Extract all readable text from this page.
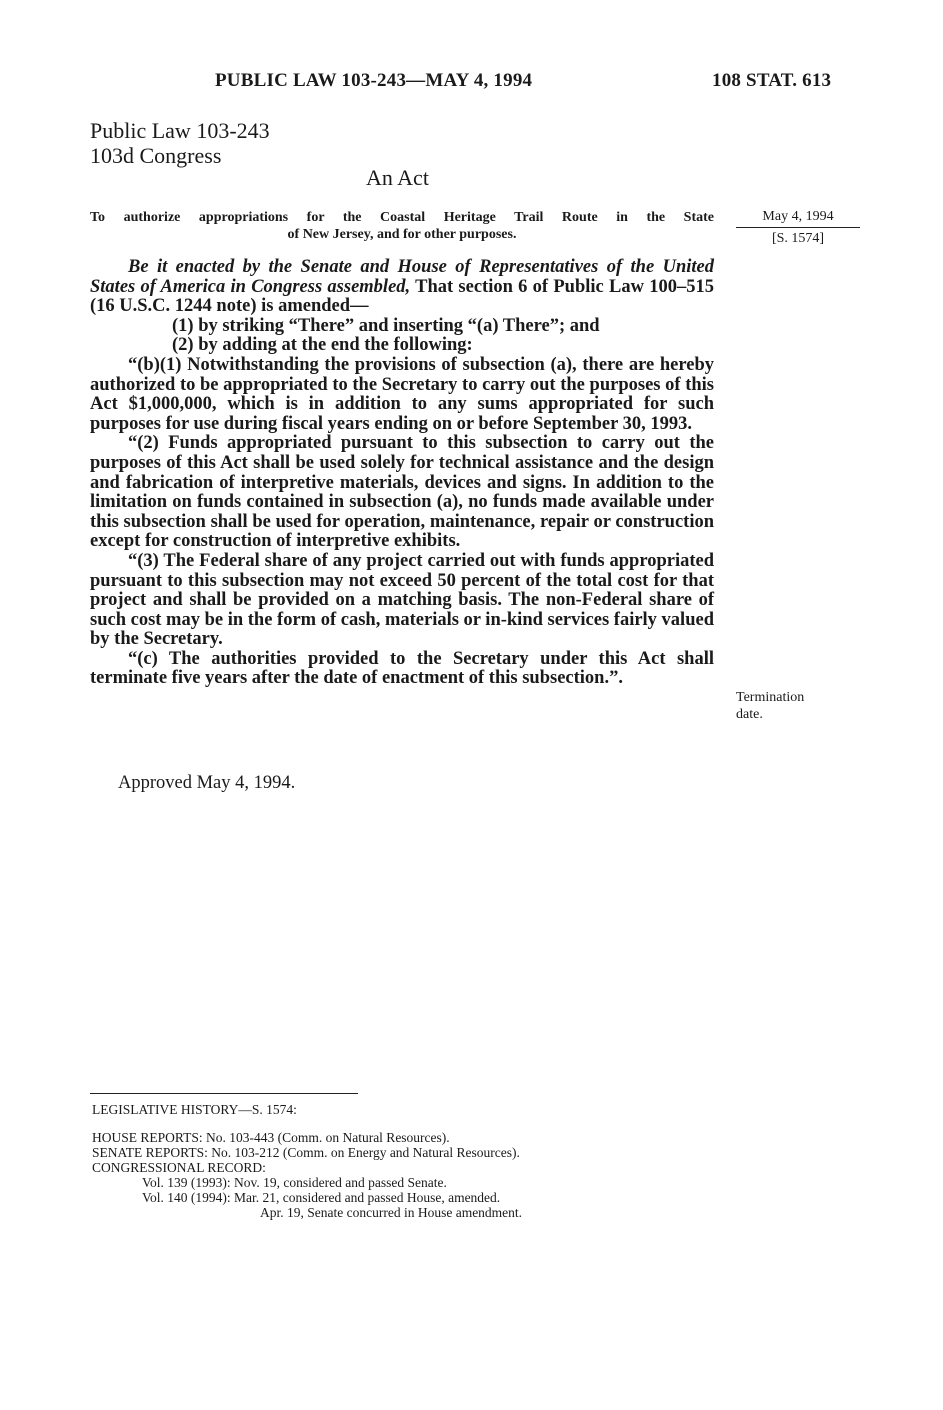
PUBLIC LAW 103-243—MAY 4, 1994	108 STAT. 613
Public Law 103-243
103d Congress
An Act
To authorize appropriations for the Coastal Heritage Trail Route in the State
of New Jersey, and for other purposes.
May 4, 1994
[S. 1574]

Be it enacted by the Senate and House of Representatives of the United States of America in Congress assembled, That section 6 of Public Law 100–515 (16 U.S.C. 1244 note) is amended—

(1) by striking “There” and inserting “(a) There”; and

(2) by adding at the end the following:

“(b)(1) Notwithstanding the provisions of subsection (a), there are hereby authorized to be appropriated to the Secretary to carry out the purposes of this Act $1,000,000, which is in addition to any sums appropriated for such purposes for use during fiscal years ending on or before September 30, 1993.

“(2) Funds appropriated pursuant to this subsection to carry out the purposes of this Act shall be used solely for technical assistance and the design and fabrication of interpretive materials, devices and signs. In addition to the limitation on funds contained in subsection (a), no funds made available under this subsection shall be used for operation, maintenance, repair or construction except for construction of interpretive exhibits.

“(3) The Federal share of any project carried out with funds appropriated pursuant to this subsection may not exceed 50 percent of the total cost for that project and shall be provided on a matching basis. The non-Federal share of such cost may be in the form of cash, materials or in-kind services fairly valued by the Secretary.

“(c) The authorities provided to the Secretary under this Act shall terminate five years after the date of enactment of this subsection.”.

Termination
date.
Approved May 4, 1994.
LEGISLATIVE HISTORY—S. 1574:
HOUSE REPORTS: No. 103-443 (Comm. on Natural Resources).
SENATE REPORTS: No. 103-212 (Comm. on Energy and Natural Resources).
CONGRESSIONAL RECORD:
Vol. 139 (1993): Nov. 19, considered and passed Senate.
Vol. 140 (1994): Mar. 21, considered and passed House, amended.
Apr. 19, Senate concurred in House amendment.
